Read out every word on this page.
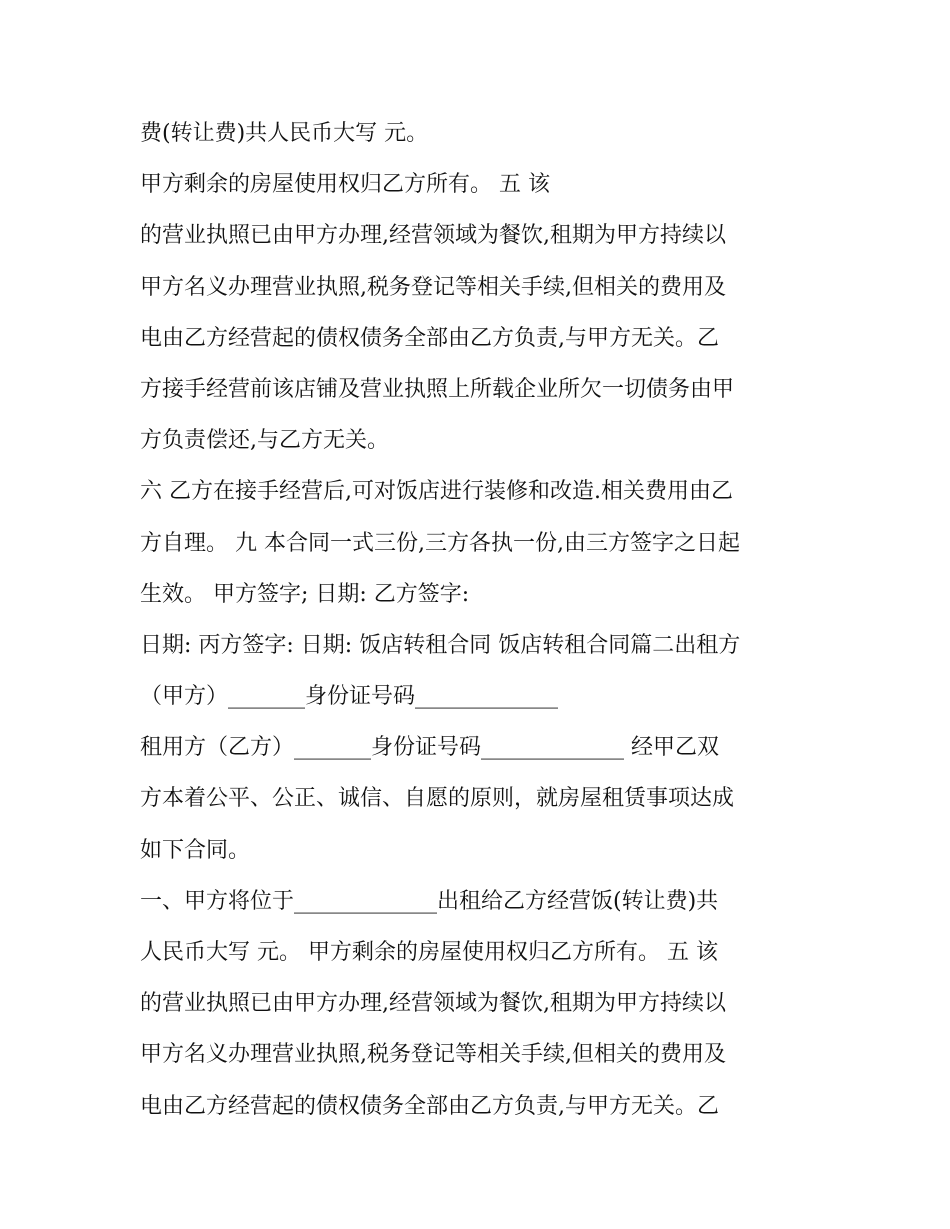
费(转让费)共人民币大写 元。
甲方剩余的房屋使用权归乙方所有。 五 该
的营业执照已由甲方办理,经营领域为餐饮,租期为甲方持续以
甲方名义办理营业执照,税务登记等相关手续,但相关的费用及
电由乙方经营起的债权债务全部由乙方负责,与甲方无关。乙
方接手经营前该店铺及营业执照上所载企业所欠一切债务由甲
方负责偿还,与乙方无关。
六 乙方在接手经营后,可对饭店进行装修和改造.相关费用由乙
方自理。 九 本合同一式三份,三方各执一份,由三方签字之日起
生效。 甲方签字; 日期: 乙方签字:
日期: 丙方签字: 日期: 饭店转租合同 饭店转租合同篇二出租方
（甲方）_______身份证号码_____________
租用方（乙方）_______身份证号码_____________ 经甲乙双
方本着公平、公正、诚信、自愿的原则，就房屋租赁事项达成
如下合同。
一、甲方将位于_____________出租给乙方经营饭(转让费)共
人民币大写 元。 甲方剩余的房屋使用权归乙方所有。 五 该
的营业执照已由甲方办理,经营领域为餐饮,租期为甲方持续以
甲方名义办理营业执照,税务登记等相关手续,但相关的费用及
电由乙方经营起的债权债务全部由乙方负责,与甲方无关。乙
